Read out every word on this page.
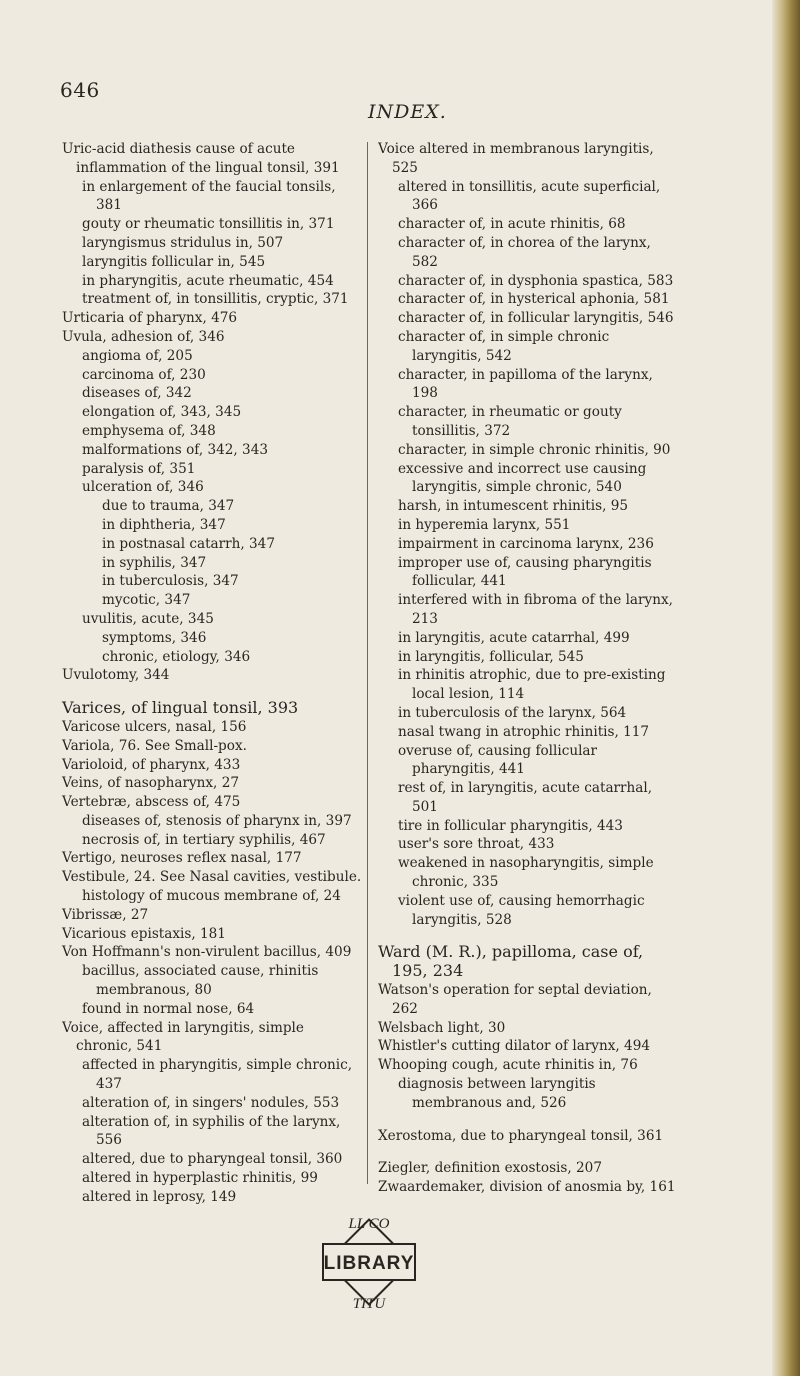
646
INDEX.
Uric-acid diathesis cause of acute inflammation of the lingual tonsil, 391
in enlargement of the faucial tonsils, 381
gouty or rheumatic tonsillitis in, 371
laryngismus stridulus in, 507
laryngitis follicular in, 545
in pharyngitis, acute rheumatic, 454
treatment of, in tonsillitis, cryptic, 371
Urticaria of pharynx, 476
Uvula, adhesion of, 346
angioma of, 205
carcinoma of, 230
diseases of, 342
elongation of, 343, 345
emphysema of, 348
malformations of, 342, 343
paralysis of, 351
ulceration of, 346
due to trauma, 347
in diphtheria, 347
in postnasal catarrh, 347
in syphilis, 347
in tuberculosis, 347
mycotic, 347
uvulitis, acute, 345
symptoms, 346
chronic, etiology, 346
Uvulotomy, 344
Varices, of lingual tonsil, 393
Varicose ulcers, nasal, 156
Variola, 76. See Small-pox.
Varioloid, of pharynx, 433
Veins, of nasopharynx, 27
Vertebræ, abscess of, 475
diseases of, stenosis of pharynx in, 397
necrosis of, in tertiary syphilis, 467
Vertigo, neuroses reflex nasal, 177
Vestibule, 24. See Nasal cavities, vestibule.
histology of mucous membrane of, 24
Vibrissæ, 27
Vicarious epistaxis, 181
Von Hoffmann's non-virulent bacillus, 409
bacillus, associated cause, rhinitis membranous, 80
found in normal nose, 64
Voice, affected in laryngitis, simple chronic, 541
affected in pharyngitis, simple chronic, 437
alteration of, in singers' nodules, 553
alteration of, in syphilis of the larynx, 556
altered, due to pharyngeal tonsil, 360
altered in hyperplastic rhinitis, 99
altered in leprosy, 149
Voice altered in membranous laryngitis, 525
altered in tonsillitis, acute superficial, 366
character of, in acute rhinitis, 68
character of, in chorea of the larynx, 582
character of, in dysphonia spastica, 583
character of, in hysterical aphonia, 581
character of, in follicular laryngitis, 546
character of, in simple chronic laryngitis, 542
character, in papilloma of the larynx, 198
character, in rheumatic or gouty tonsillitis, 372
character, in simple chronic rhinitis, 90
excessive and incorrect use causing laryngitis, simple chronic, 540
harsh, in intumescent rhinitis, 95
in hyperemia larynx, 551
impairment in carcinoma larynx, 236
improper use of, causing pharyngitis follicular, 441
interfered with in fibroma of the larynx, 213
in laryngitis, acute catarrhal, 499
in laryngitis, follicular, 545
in rhinitis atrophic, due to pre-existing local lesion, 114
in tuberculosis of the larynx, 564
nasal twang in atrophic rhinitis, 117
overuse of, causing follicular pharyngitis, 441
rest of, in laryngitis, acute catarrhal, 501
tire in follicular pharyngitis, 443
user's sore throat, 433
weakened in nasopharyngitis, simple chronic, 335
violent use of, causing hemorrhagic laryngitis, 528
Ward (M. R.), papilloma, case of, 195, 234
Watson's operation for septal deviation, 262
Welsbach light, 30
Whistler's cutting dilator of larynx, 494
Whooping cough, acute rhinitis in, 76
diagnosis between laryngitis membranous and, 526
Xerostoma, due to pharyngeal tonsil, 361
Ziegler, definition exostosis, 207
Zwaardemaker, division of anosmia by, 161
LL CO
LIBRARY
TITU
